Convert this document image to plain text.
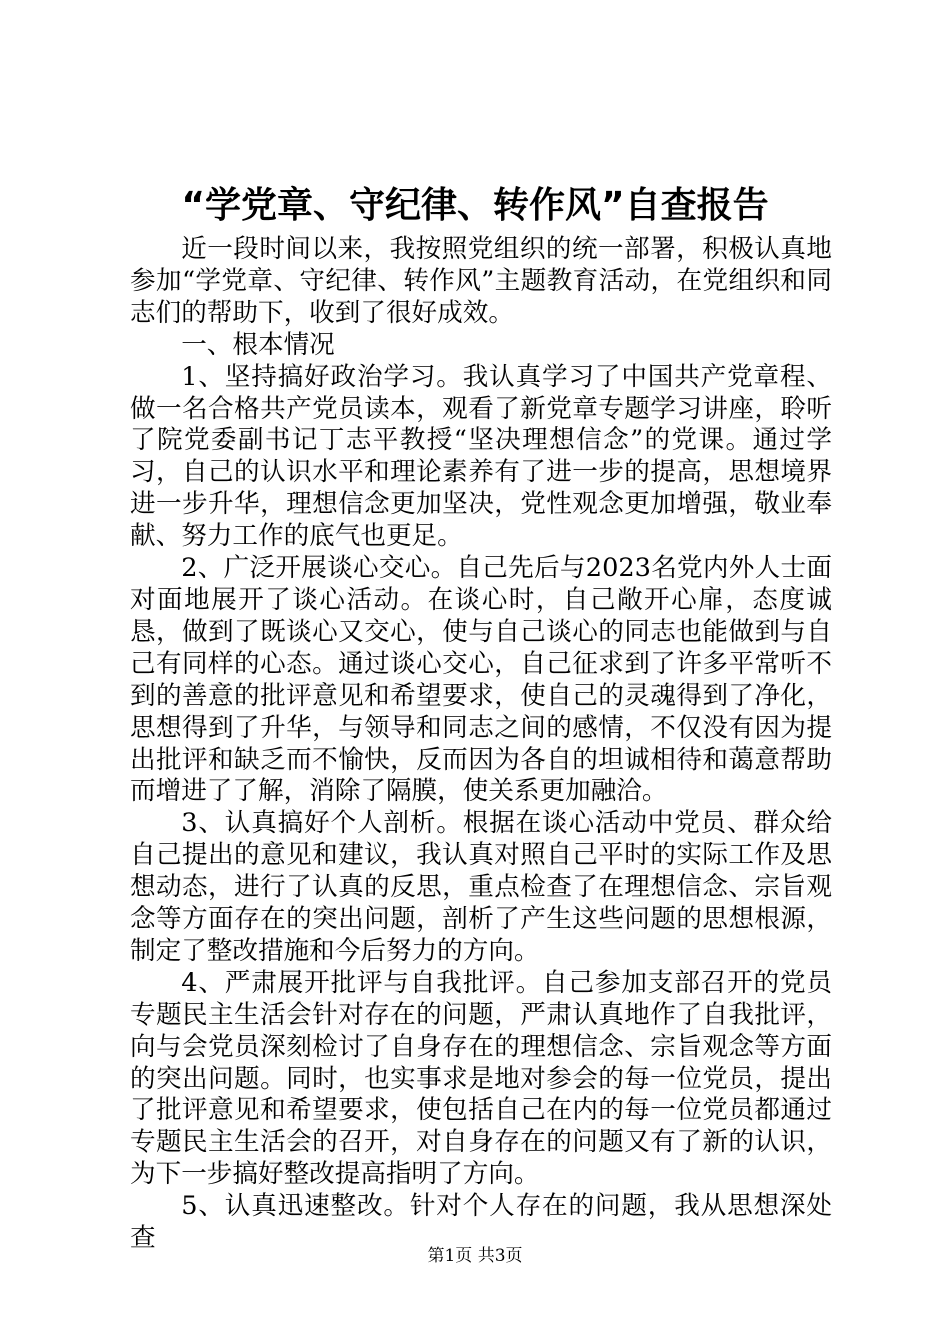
“学党章、守纪律、转作风”自查报告

近一段时间以来，我按照党组织的统一部署，积极认真地参加“学党章、守纪律、转作风”主题教育活动，在党组织和同志们的帮助下，收到了很好成效。

一、根本情况

1、坚持搞好政治学习。我认真学习了中国共产党章程、做一名合格共产党员读本，观看了新党章专题学习讲座，聆听了院党委副书记丁志平教授“坚决理想信念”的党课。通过学习，自己的认识水平和理论素养有了进一步的提高，思想境界进一步升华，理想信念更加坚决，党性观念更加增强，敬业奉献、努力工作的底气也更足。

2、广泛开展谈心交心。自己先后与2023名党内外人士面对面地展开了谈心活动。在谈心时，自己敞开心扉，态度诚恳，做到了既谈心又交心，使与自己谈心的同志也能做到与自己有同样的心态。通过谈心交心，自己征求到了许多平常听不到的善意的批评意见和希望要求，使自己的灵魂得到了净化，思想得到了升华，与领导和同志之间的感情，不仅没有因为提出批评和缺乏而不愉快，反而因为各自的坦诚相待和蔼意帮助而增进了了解，消除了隔膜，使关系更加融洽。

3、认真搞好个人剖析。根据在谈心活动中党员、群众给自己提出的意见和建议，我认真对照自己平时的实际工作及思想动态，进行了认真的反思，重点检查了在理想信念、宗旨观念等方面存在的突出问题，剖析了产生这些问题的思想根源，制定了整改措施和今后努力的方向。

4、严肃展开批评与自我批评。自己参加支部召开的党员专题民主生活会针对存在的问题，严肃认真地作了自我批评，向与会党员深刻检讨了自身存在的理想信念、宗旨观念等方面的突出问题。同时，也实事求是地对参会的每一位党员，提出了批评意见和希望要求，使包括自己在内的每一位党员都通过专题民主生活会的召开，对自身存在的问题又有了新的认识，为下一步搞好整改提高指明了方向。

5、认真迅速整改。针对个人存在的问题，我从思想深处查

第1页 共3页
